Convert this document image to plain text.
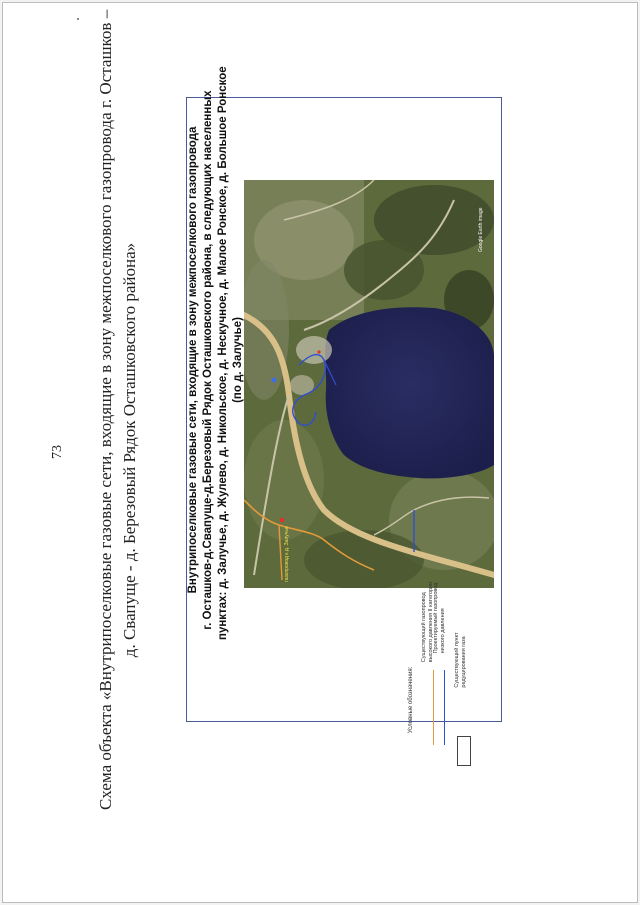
73 Схема объекта «Внутрипоселковые газовые сети, входящие в зону межпоселкового газопровода г. Осташков – д. Свапуще - д. Березовый Рядок Осташковского района»	Внутрипоселковые газовые сети, входящие в зону межпоселкового газопровода г. Осташков-д.Свапуще-д.Березовый Рядок Осташковского района, в следующих населенных пунктах: д. Залучье, д. Жулево, д. Никольское, д. Нескучное, д. Малое Ронское, д. Большое Ронское (по д. Залучье)
Google Earth image
газопровод к д. Залучье
Условные обозначения:
Существующий газопровод высокого давления II категории Проектируемый газопровод низкого давления
Существующий пункт редуцирования газа
